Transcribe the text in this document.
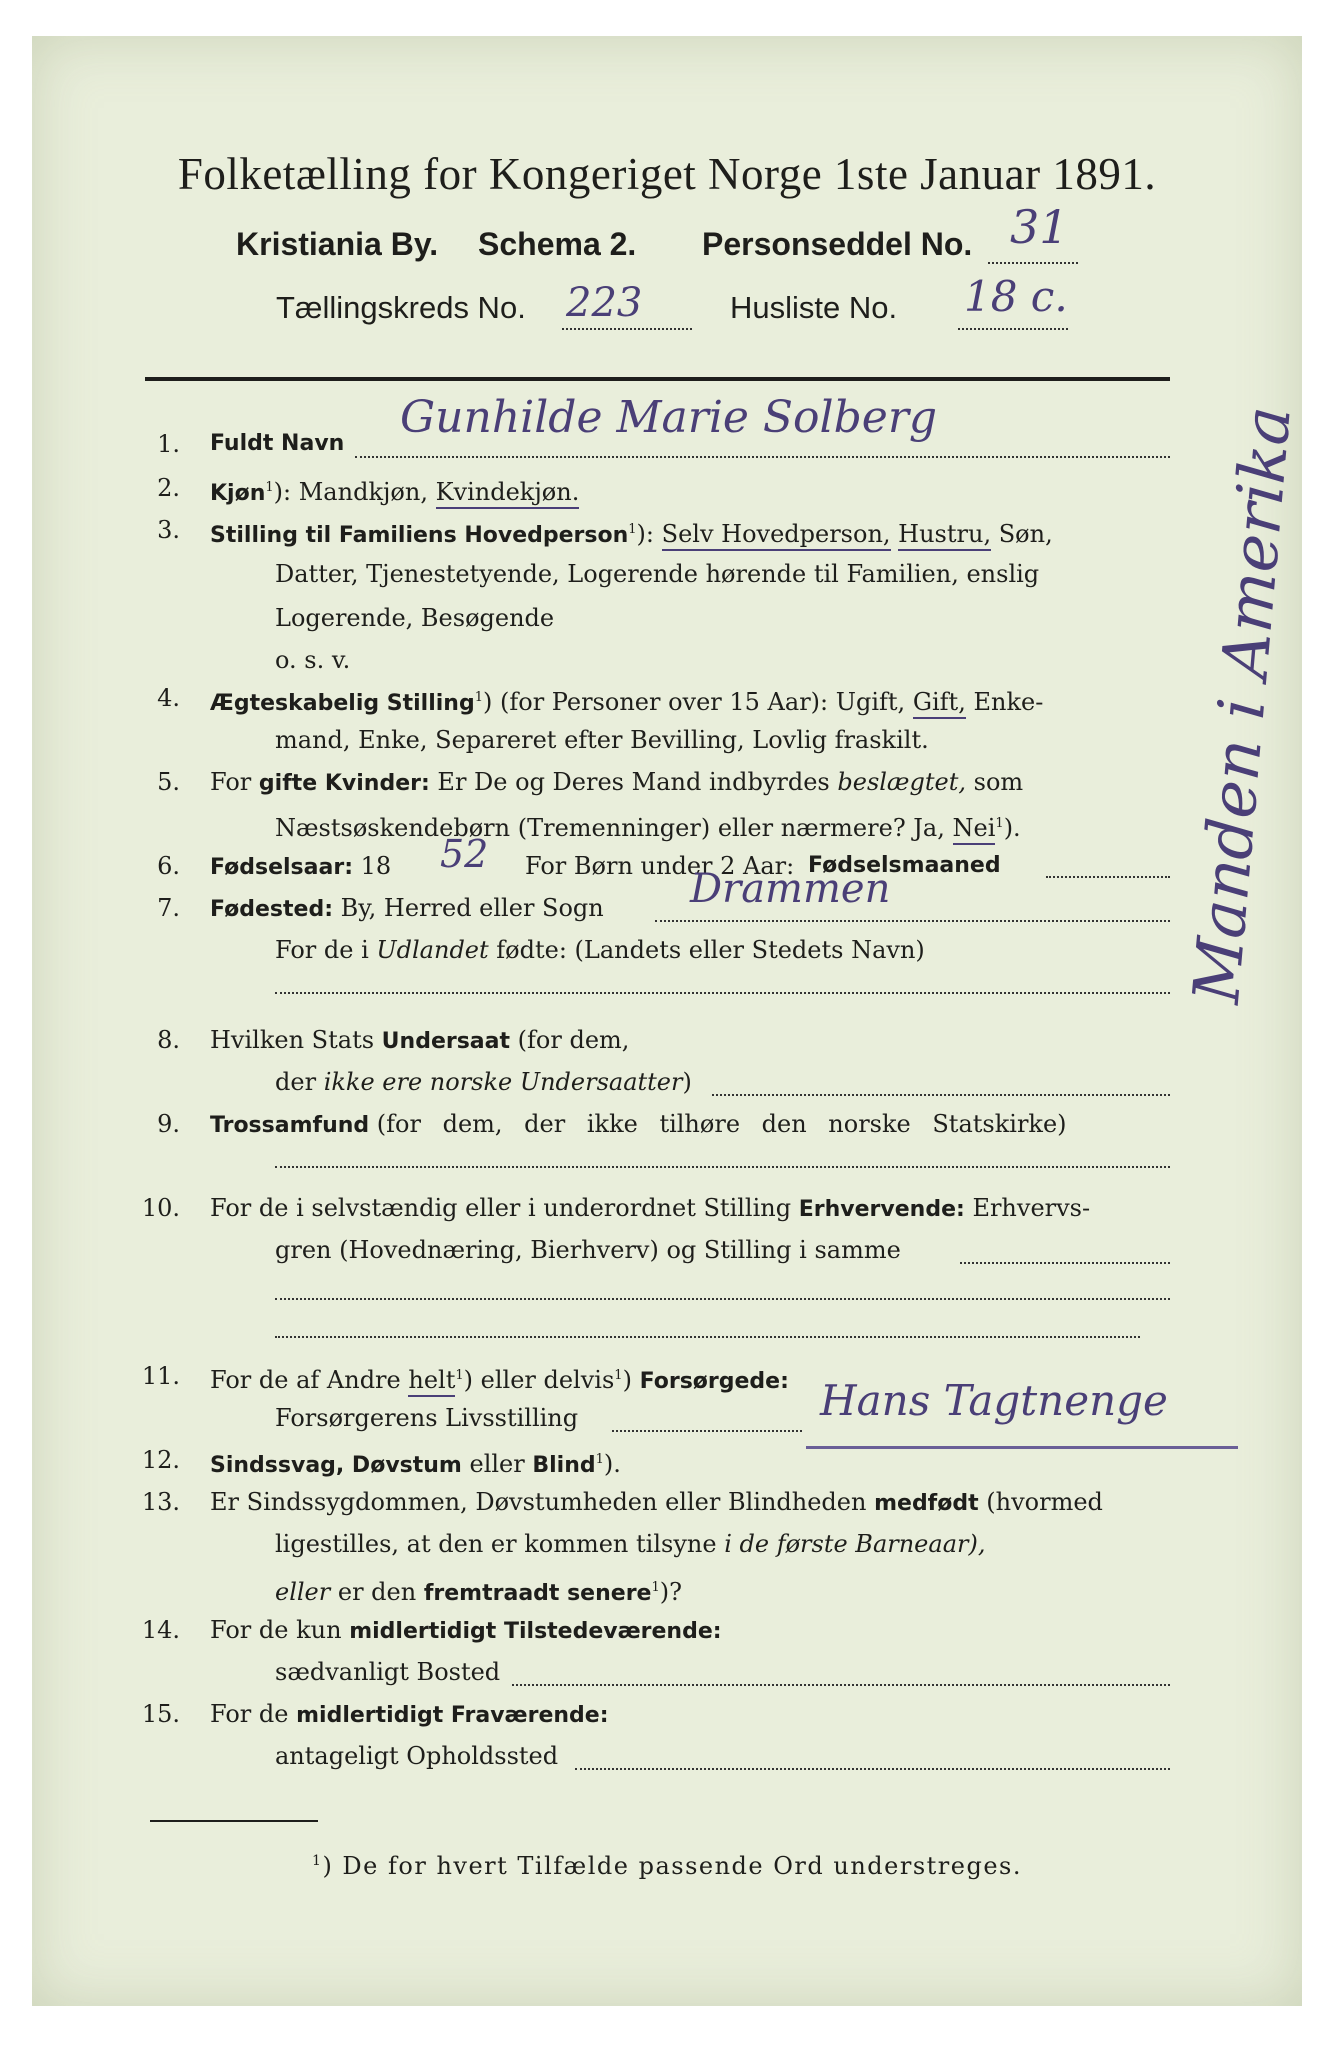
Folketælling for Kongeriget Norge 1ste Januar 1891.
Kristiania By. Schema 2. Personseddel No. 31
Tællingskreds No. 223	Husliste No. 18 c.
1. Fuldt Navn
Gunhilde Marie Solberg
2. Kjøn$^1$): Mandkjøn, Kvindekjøn.
3. Stilling til Familiens Hovedperson$^1$): Selv Hovedperson, Hustru, Søn,
Datter, Tjenestetyende, Logerende hørende til Familien, enslig
Logerende, Besøgende
o. s. v.
4. Ægteskabelig Stilling$^1$) (for Personer over 15 Aar): Ugift, Gift, Enke-
mand, Enke, Separeret efter Bevilling, Lovlig fraskilt.
5. For gifte Kvinder: Er De og Deres Mand indbyrdes beslægtet, som
Næstsøskendebørn (Tremenninger) eller nærmere? Ja, Nei$^1$).
6. Fødselsaar: 18	For Børn under 2 Aar: Fødselsmaaned
52
7. Fødested: By, Herred eller Sogn Drammen
For de i Udlandet fødte: (Landets eller Stedets Navn)
8. Hvilken Stats Undersaat (for dem,
der ikke ere norske Undersaatter)
9. Trossamfund (for dem, der ikke tilhøre den norske Statskirke)
10. For de i selvstændig eller i underordnet Stilling Erhvervende: Erhvervs-
gren (Hovednæring, Bierhverv) og Stilling i samme
11. For de af Andre helt$^1$) eller delvis$^1$) Forsørgede:
Forsørgerens Livsstilling	Hans Tagtnenge
12. Sindssvag, Døvstum eller Blind$^1$).
13. Er Sindssygdommen, Døvstumheden eller Blindheden medfødt (hvormed
ligestilles, at den er kommen tilsyne i de første Barneaar),
eller er den fremtraadt senere$^1$)?
14. For de kun midlertidigt Tilstedeværende:
sædvanligt Bosted
15. For de midlertidigt Fraværende:
antageligt Opholdssted
$^1$) De for hvert Tilfælde passende Ord understreges.
Manden i Amerika
